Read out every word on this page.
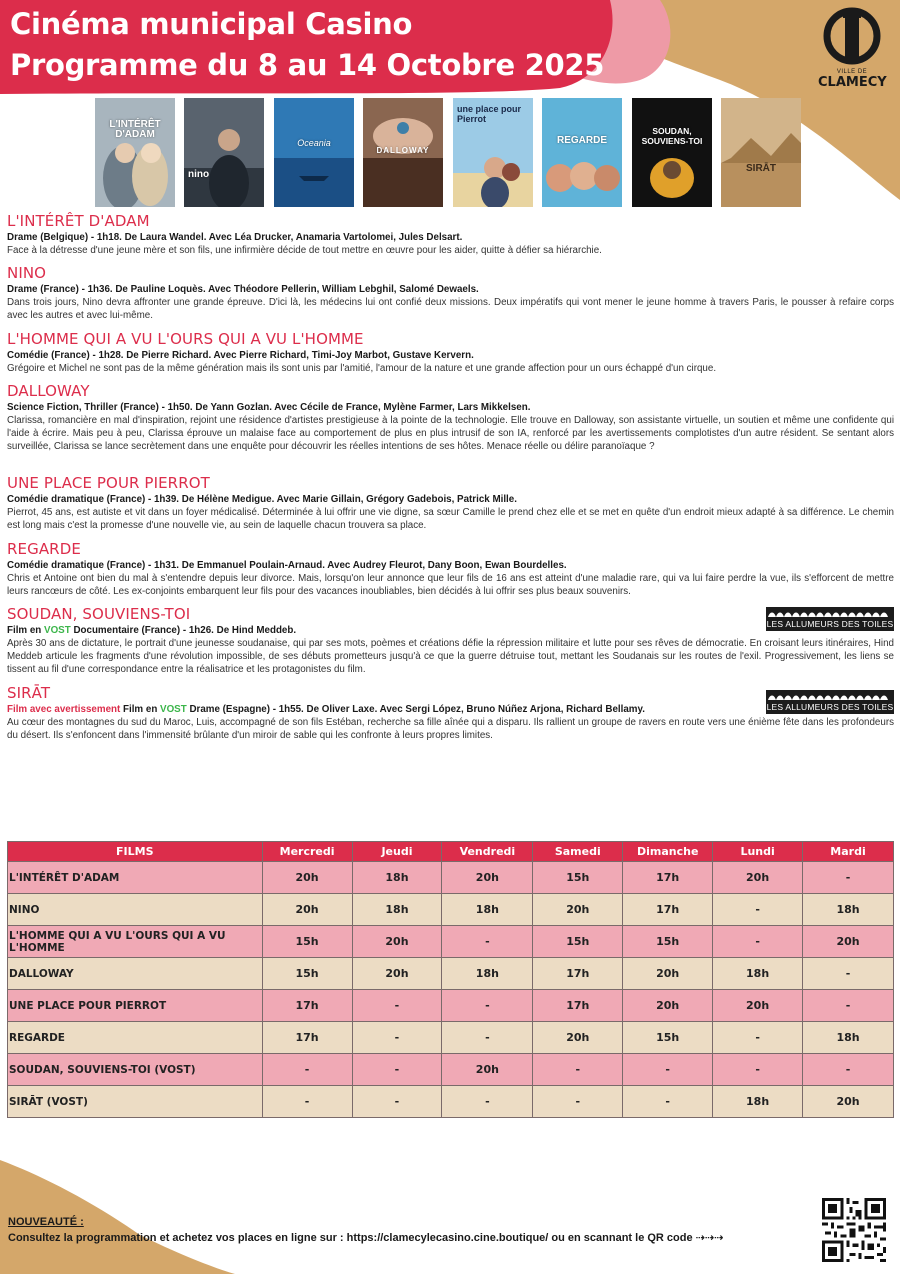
Cinéma municipal Casino
Programme du 8 au 14 Octobre 2025	VILLE DE
CLAMECY
L'INTÉRÊT D'ADAM
nino
Oceania
DALLOWAY
une place pour Pierrot
REGARDE
SOUDAN, SOUVIENS-TOI
SIRĀT
L'INTÉRÊT D'ADAM
Drame (Belgique) - 1h18. De Laura Wandel. Avec Léa Drucker, Anamaria Vartolomei, Jules Delsart.
Face à la détresse d'une jeune mère et son fils, une infirmière décide de tout mettre en œuvre pour les aider, quitte à défier sa hiérarchie.
NINO
Drame (France) - 1h36. De Pauline Loquès. Avec Théodore Pellerin, William Lebghil, Salomé Dewaels.
Dans trois jours, Nino devra affronter une grande épreuve. D'ici là, les médecins lui ont confié deux missions. Deux impératifs qui vont mener le jeune homme à travers Paris, le pousser à refaire corps avec les autres et avec lui-même.
L'HOMME QUI A VU L'OURS QUI A VU L'HOMME
Comédie (France) - 1h28. De Pierre Richard. Avec Pierre Richard, Timi-Joy Marbot, Gustave Kervern.
Grégoire et Michel ne sont pas de la même génération mais ils sont unis par l'amitié, l'amour de la nature et une grande affection pour un ours échappé d'un cirque.
DALLOWAY
Science Fiction, Thriller (France) - 1h50. De Yann Gozlan. Avec Cécile de France, Mylène Farmer, Lars Mikkelsen.
Clarissa, romancière en mal d'inspiration, rejoint une résidence d'artistes prestigieuse à la pointe de la technologie. Elle trouve en Dalloway, son assistante virtuelle, un soutien et même une confidente qui l'aide à écrire. Mais peu à peu, Clarissa éprouve un malaise face au comportement de plus en plus intrusif de son IA, renforcé par les avertissements complotistes d'un autre résident. Se sentant alors surveillée, Clarissa se lance secrètement dans une enquête pour découvrir les réelles intentions de ses hôtes. Menace réelle ou délire paranoïaque ?
UNE PLACE POUR PIERROT
Comédie dramatique (France) - 1h39. De Hélène Medigue. Avec Marie Gillain, Grégory Gadebois, Patrick Mille.
Pierrot, 45 ans, est autiste et vit dans un foyer médicalisé. Déterminée à lui offrir une vie digne, sa sœur Camille le prend chez elle et se met en quête d'un endroit mieux adapté à sa différence. Le chemin est long mais c'est la promesse d'une nouvelle vie, au sein de laquelle chacun trouvera sa place.
REGARDE
Comédie dramatique (France) - 1h31. De Emmanuel Poulain-Arnaud. Avec Audrey Fleurot, Dany Boon, Ewan Bourdelles.
Chris et Antoine ont bien du mal à s'entendre depuis leur divorce. Mais, lorsqu'on leur annonce que leur fils de 16 ans est atteint d'une maladie rare, qui va lui faire perdre la vue, ils s'efforcent de mettre leurs rancœurs de côté. Les ex-conjoints embarquent leur fils pour des vacances inoubliables, bien décidés à lui offrir ses plus beaux souvenirs.
LES ALLUMEURS DES TOILES
SOUDAN, SOUVIENS-TOI
Film en VOST Documentaire (France) - 1h26. De Hind Meddeb.
Après 30 ans de dictature, le portrait d'une jeunesse soudanaise, qui par ses mots, poèmes et créations défie la répression militaire et lutte pour ses rêves de démocratie. En croisant leurs itinéraires, Hind Meddeb articule les fragments d'une révolution impossible, de ses débuts prometteurs jusqu'à ce que la guerre détruise tout, mettant les Soudanais sur les routes de l'exil. Progressivement, les liens se tissent au fil d'une correspondance entre la réalisatrice et les protagonistes du film.
LES ALLUMEURS DES TOILES
SIRĀT
Film avec avertissement Film en VOST Drame (Espagne) - 1h55. De Oliver Laxe. Avec Sergi López, Bruno Núñez Arjona, Richard Bellamy.
Au cœur des montagnes du sud du Maroc, Luis, accompagné de son fils Estéban, recherche sa fille aînée qui a disparu. Ils rallient un groupe de ravers en route vers une énième fête dans les profondeurs du désert. Ils s'enfoncent dans l'immensité brûlante d'un miroir de sable qui les confronte à leurs propres limites.
FILMS	Mercredi	Jeudi	Vendredi	Samedi	Dimanche	Lundi	Mardi
L'INTÉRÊT D'ADAM	20h	18h	20h	15h	17h	20h	-
NINO	20h	18h	18h	20h	17h	-	18h
L'HOMME QUI A VU L'OURS QUI A VU L'HOMME	15h	20h	-	15h	15h	-	20h
DALLOWAY	15h	20h	18h	17h	20h	18h	-
UNE PLACE POUR PIERROT	17h	-	-	17h	20h	20h	-
REGARDE	17h	-	-	20h	15h	-	18h
SOUDAN, SOUVIENS-TOI (VOST)	-	-	20h	-	-	-	-
SIRĀT (VOST)	-	-	-	-	-	18h	20h
NOUVEAUTÉ :
Consultez la programmation et achetez vos places en ligne sur : https://clamecylecasino.cine.boutique/ ou en scannant le QR code ⇢⇢⇢
